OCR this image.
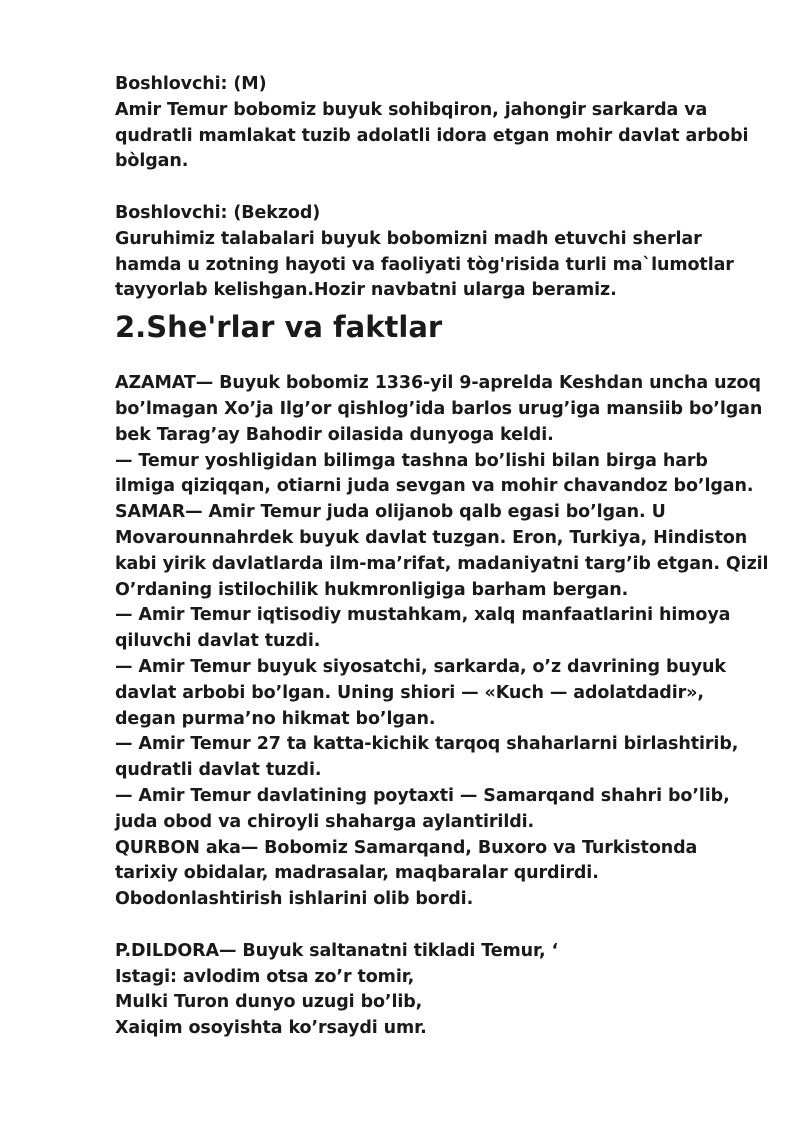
Boshlovchi: (M)
Amir Temur bobomiz buyuk sohibqiron, jahongir sarkarda va
qudratli mamlakat tuzib adolatli idora etgan mohir davlat arbobi
bòlgan.
Boshlovchi: (Bekzod)
Guruhimiz talabalari buyuk bobomizni madh etuvchi sherlar
hamda u zotning hayoti va faoliyati tòg'risida turli ma`lumotlar
tayyorlab kelishgan.Hozir navbatni ularga beramiz.
2.She'rlar va faktlar
AZAMAT— Buyuk bobomiz 1336-yil 9-aprelda Keshdan uncha uzoq
bo’lmagan Xo’ja Ilg’or qishlog’ida barlos urug’iga mansiib bo’lgan
bek Tarag’ay Bahodir oilasida dunyoga keldi.
— Temur yoshligidan bilimga tashna bo’lishi bilan birga harb
ilmiga qiziqqan, otiarni juda sevgan va mohir chavandoz bo’lgan.
SAMAR— Amir Temur juda olijanob qalb egasi bo’lgan. U
Movarounnahrdek buyuk davlat tuzgan. Eron, Turkiya, Hindiston
kabi yirik davlatlarda ilm-ma’rifat, madaniyatni targ’ib etgan. Qizil
O’rdaning istilochilik hukmronligiga barham bergan.
— Amir Temur iqtisodiy mustahkam, xalq manfaatlarini himoya
qiluvchi davlat tuzdi.
— Amir Temur buyuk siyosatchi, sarkarda, o’z davrining buyuk
davlat arbobi bo’lgan. Uning shiori — «Kuch — adolatdadir»,
degan purma’no hikmat bo’lgan.
— Amir Temur 27 ta katta-kichik tarqoq shaharlarni birlashtirib,
qudratli davlat tuzdi.
— Amir Temur davlatining poytaxti — Samarqand shahri bo’lib,
juda obod va chiroyli shaharga aylantirildi.
QURBON aka— Bobomiz Samarqand, Buxoro va Turkistonda
tarixiy obidalar, madrasalar, maqbaralar qurdirdi.
Obodonlashtirish ishlarini olib bordi.
P.DILDORA— Buyuk saltanatni tikladi Temur, ‘
Istagi: avlodim otsa zo’r tomir,
Mulki Turon dunyo uzugi bo’lib,
Xaiqim osoyishta ko’rsaydi umr.
